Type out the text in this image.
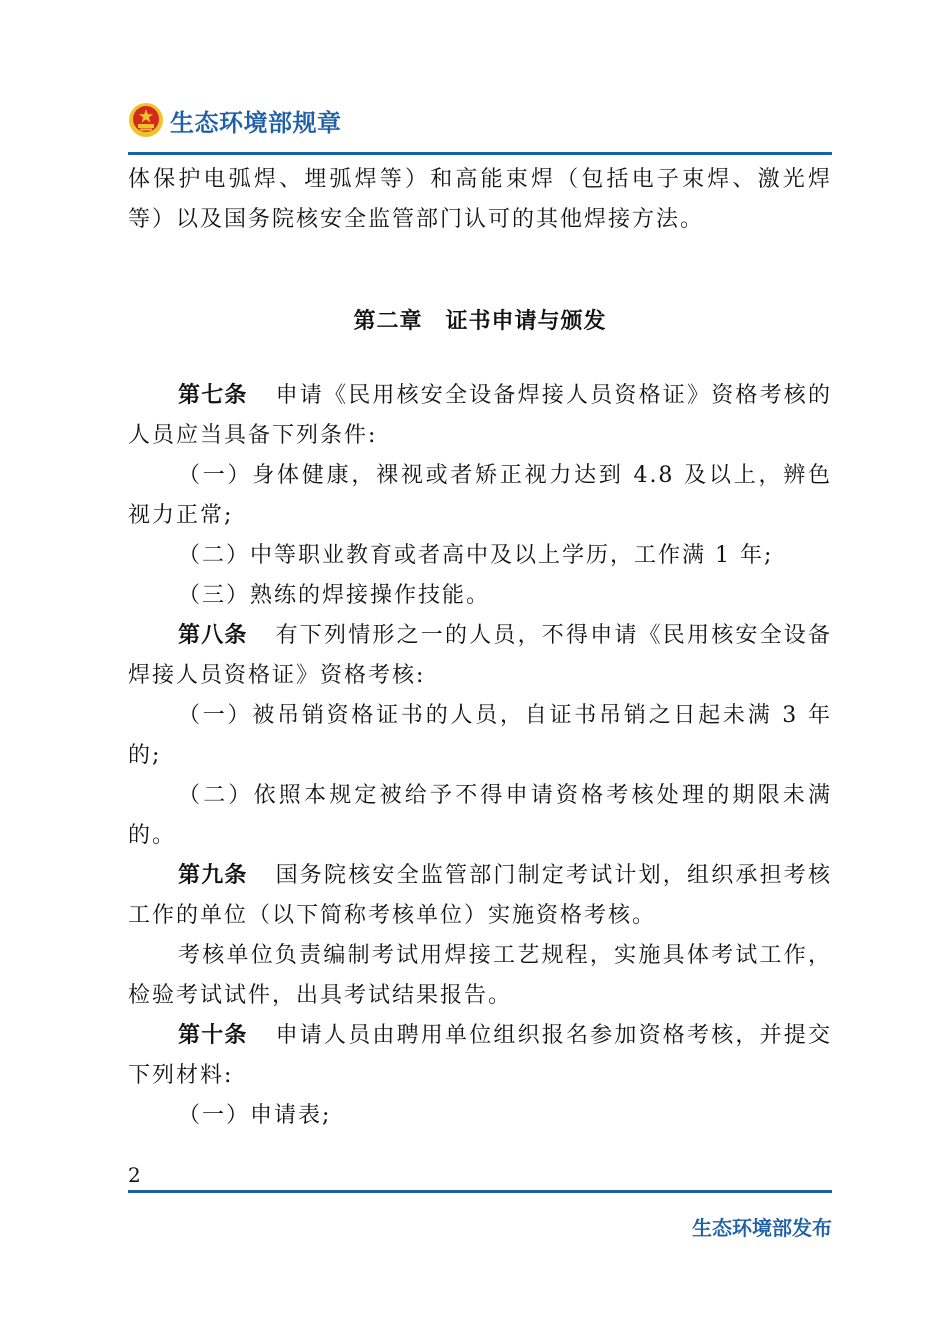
生态环境部规章

体保护电弧焊、埋弧焊等）和高能束焊（包括电子束焊、激光焊等）以及国务院核安全监管部门认可的其他焊接方法。

第二章　证书申请与颁发

第七条 申请《民用核安全设备焊接人员资格证》资格考核的人员应当具备下列条件:

（一）身体健康，裸视或者矫正视力达到 4.8 及以上，辨色视力正常;

（二）中等职业教育或者高中及以上学历，工作满 1 年;

（三）熟练的焊接操作技能。

第八条 有下列情形之一的人员，不得申请《民用核安全设备焊接人员资格证》资格考核:

（一）被吊销资格证书的人员，自证书吊销之日起未满 3 年的;

（二）依照本规定被给予不得申请资格考核处理的期限未满的。

第九条 国务院核安全监管部门制定考试计划，组织承担考核工作的单位（以下简称考核单位）实施资格考核。

考核单位负责编制考试用焊接工艺规程，实施具体考试工作，检验考试试件，出具考试结果报告。

第十条 申请人员由聘用单位组织报名参加资格考核，并提交下列材料:

（一）申请表;

2
生态环境部发布
